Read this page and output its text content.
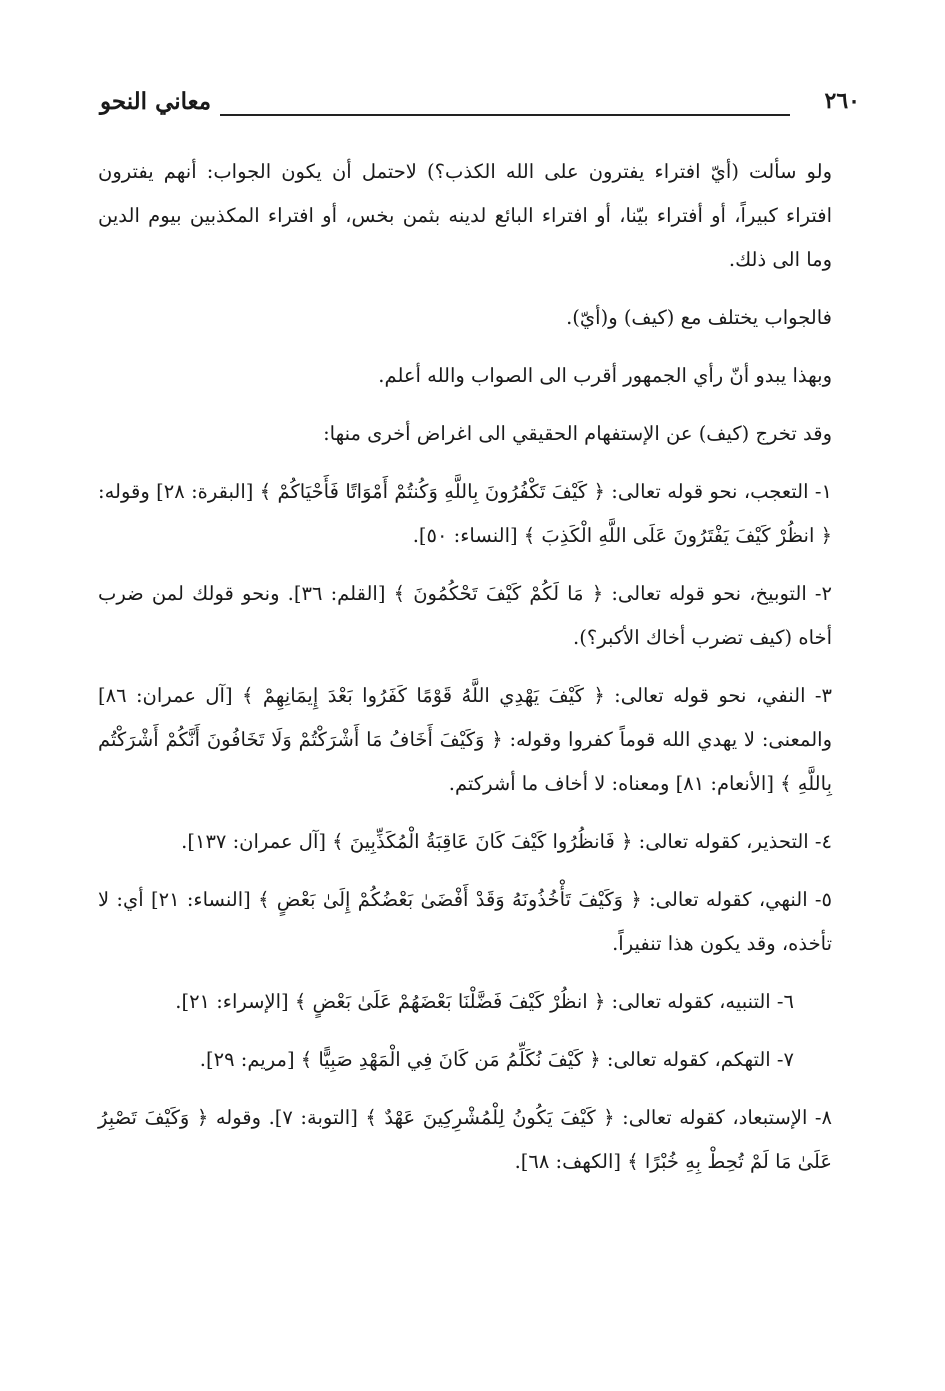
٢٦٠
معاني النحو

ولو سألت (أيّ افتراء يفترون على الله الكذب؟) لاحتمل أن يكون الجواب: أنهم يفترون افتراء كبيراً، أو أفتراء بيّنا، أو افتراء البائع لدينه بثمن بخس، أو افتراء المكذبين بيوم الدين وما الى ذلك.

فالجواب يختلف مع (كيف) و(أيّ).

وبهذا يبدو أنّ رأي الجمهور أقرب الى الصواب والله أعلم.

وقد تخرج (كيف) عن الإستفهام الحقيقي الى اغراض أخرى منها:

١- التعجب، نحو قوله تعالى: ﴿ كَيْفَ تَكْفُرُونَ بِاللَّهِ وَكُنتُمْ أَمْوَاتًا فَأَحْيَاكُمْ ﴾ [البقرة: ٢٨] وقوله: ﴿ انظُرْ كَيْفَ يَفْتَرُونَ عَلَى اللَّهِ الْكَذِبَ ﴾ [النساء: ٥٠].

٢- التوبيخ، نحو قوله تعالى: ﴿ مَا لَكُمْ كَيْفَ تَحْكُمُونَ ﴾ [القلم: ٣٦]. ونحو قولك لمن ضرب أخاه (كيف تضرب أخاك الأكبر؟).

٣- النفي، نحو قوله تعالى: ﴿ كَيْفَ يَهْدِي اللَّهُ قَوْمًا كَفَرُوا بَعْدَ إِيمَانِهِمْ ﴾ [آل عمران: ٨٦] والمعنى: لا يهدي الله قوماً كفروا وقوله: ﴿ وَكَيْفَ أَخَافُ مَا أَشْرَكْتُمْ وَلَا تَخَافُونَ أَنَّكُمْ أَشْرَكْتُم بِاللَّهِ ﴾ [الأنعام: ٨١] ومعناه: لا أخاف ما أشركتم.

٤- التحذير، كقوله تعالى: ﴿ فَانظُرُوا كَيْفَ كَانَ عَاقِبَةُ الْمُكَذِّبِينَ ﴾ [آل عمران: ١٣٧].

٥- النهي، كقوله تعالى: ﴿ وَكَيْفَ تَأْخُذُونَهُ وَقَدْ أَفْضَىٰ بَعْضُكُمْ إِلَىٰ بَعْضٍ ﴾ [النساء: ٢١] أي: لا تأخذه، وقد يكون هذا تنفيراً.

٦- التنبيه، كقوله تعالى: ﴿ انظُرْ كَيْفَ فَضَّلْنَا بَعْضَهُمْ عَلَىٰ بَعْضٍ ﴾ [الإسراء: ٢١].

٧- التهكم، كقوله تعالى: ﴿ كَيْفَ نُكَلِّمُ مَن كَانَ فِي الْمَهْدِ صَبِيًّا ﴾ [مريم: ٢٩].

٨- الإستبعاد، كقوله تعالى: ﴿ كَيْفَ يَكُونُ لِلْمُشْرِكِينَ عَهْدٌ ﴾ [التوبة: ٧]. وقوله ﴿ وَكَيْفَ تَصْبِرُ عَلَىٰ مَا لَمْ تُحِطْ بِهِ خُبْرًا ﴾ [الكهف: ٦٨].
